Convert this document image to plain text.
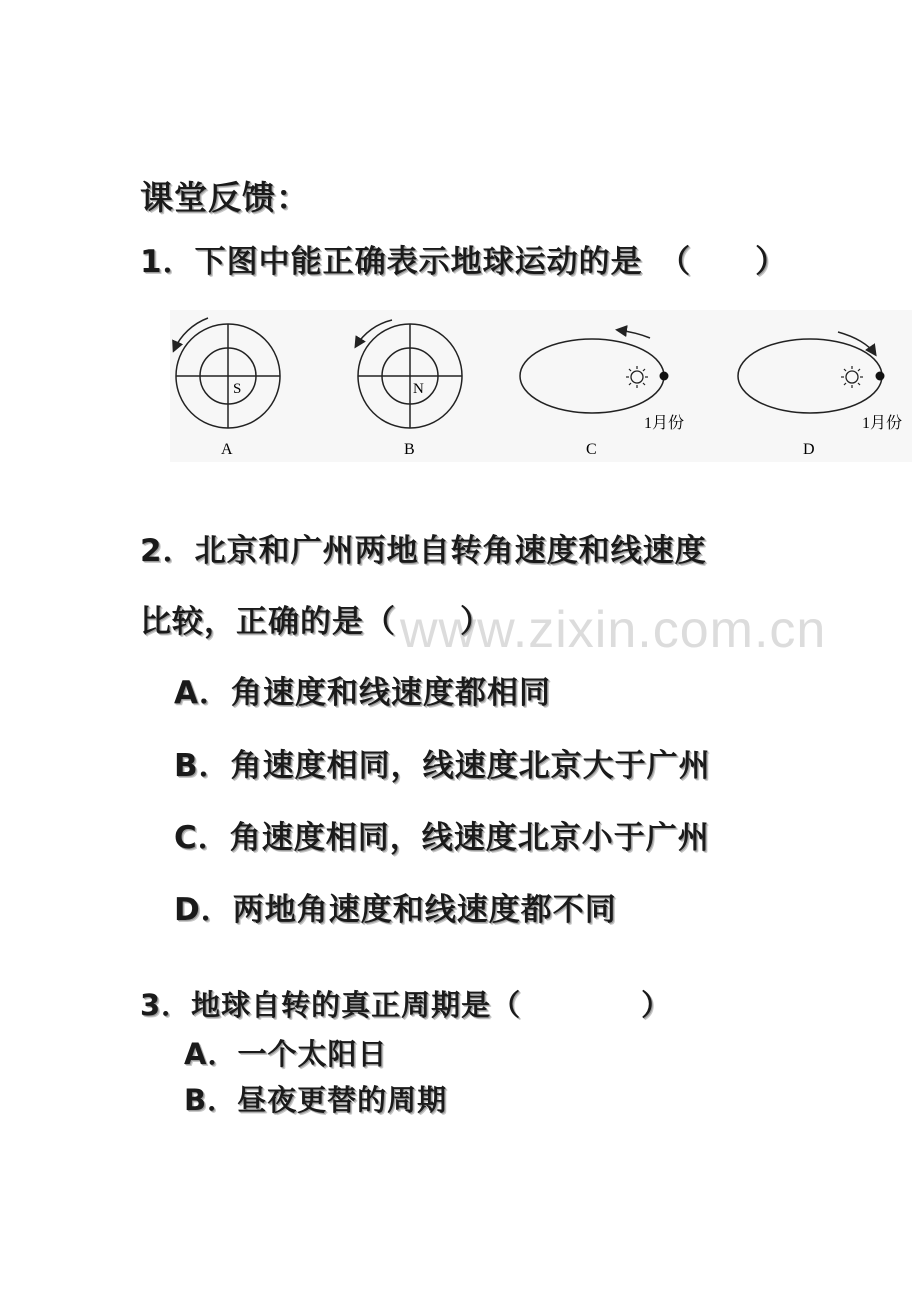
www.zixin.com.cn
课堂反馈：
1．下图中能正确表示地球运动的是　（　　）
S
A
N
B
1月份
C
1月份
D
2．北京和广州两地自转角速度和线速度
比较，正确的是（　　）
A．角速度和线速度都相同
B．角速度相同，线速度北京大于广州
C．角速度相同，线速度北京小于广州
D．两地角速度和线速度都不同
3．地球自转的真正周期是（　　　　）
A．一个太阳日
B．昼夜更替的周期
